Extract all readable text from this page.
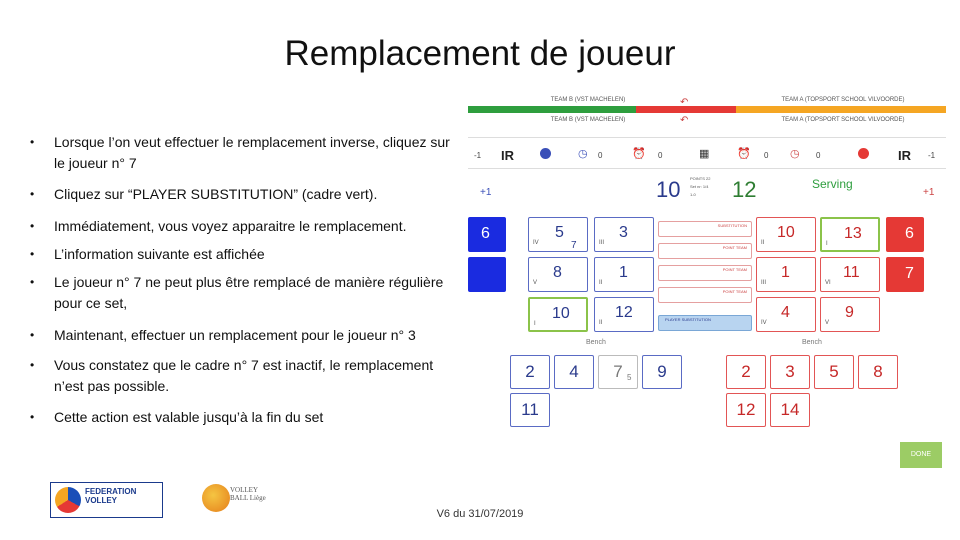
Remplacement de joueur
• Lorsque l’on veut effectuer le remplacement inverse, cliquez sur le joueur n° 7
• Cliquez sur “PLAYER SUBSTITUTION” (cadre vert).
• Immédiatement, vous voyez apparaitre le remplacement.
• L’information suivante est affichée
• Le joueur n° 7 ne peut plus être remplacé de manière régulière pour ce set,
• Maintenant, effectuer un remplacement pour le joueur n° 3
• Vous constatez que le cadre n° 7 est inactif, le remplacement n’est pas possible.
• Cette action est valable jusqu’à la fin du set
TEAM B (VST MACHELEN)	TEAM A (TOPSPORT SCHOOL VILVOORDE)
↶
↶
TEAM B (VST MACHELEN)	TEAM A (TOPSPORT SCHOOL VILVOORDE)
-1 IR	◷ 0	⏰ 0	▦	⏰ 0 ◷ 0	IR -1
+1	10 POINTS 22
Set nr: 1/4
1-0	12	Serving
+1
6
IV
5
7	III
3
V
8
II
1
I
10
II
12
SUBSTITUTION
POINT TEAM
POINT TEAM
POINT TEAM
PLAYER SUBSTITUTION
II
10
I
13
III
1
VI
11
IV
4
V
9
6
7
Bench	Bench
2	4	7 5	9
11
2	3	5	8
12	14
DONE
FEDERATION VOLLEY
VOLLEY BALL Liège
V6 du 31/07/2019
